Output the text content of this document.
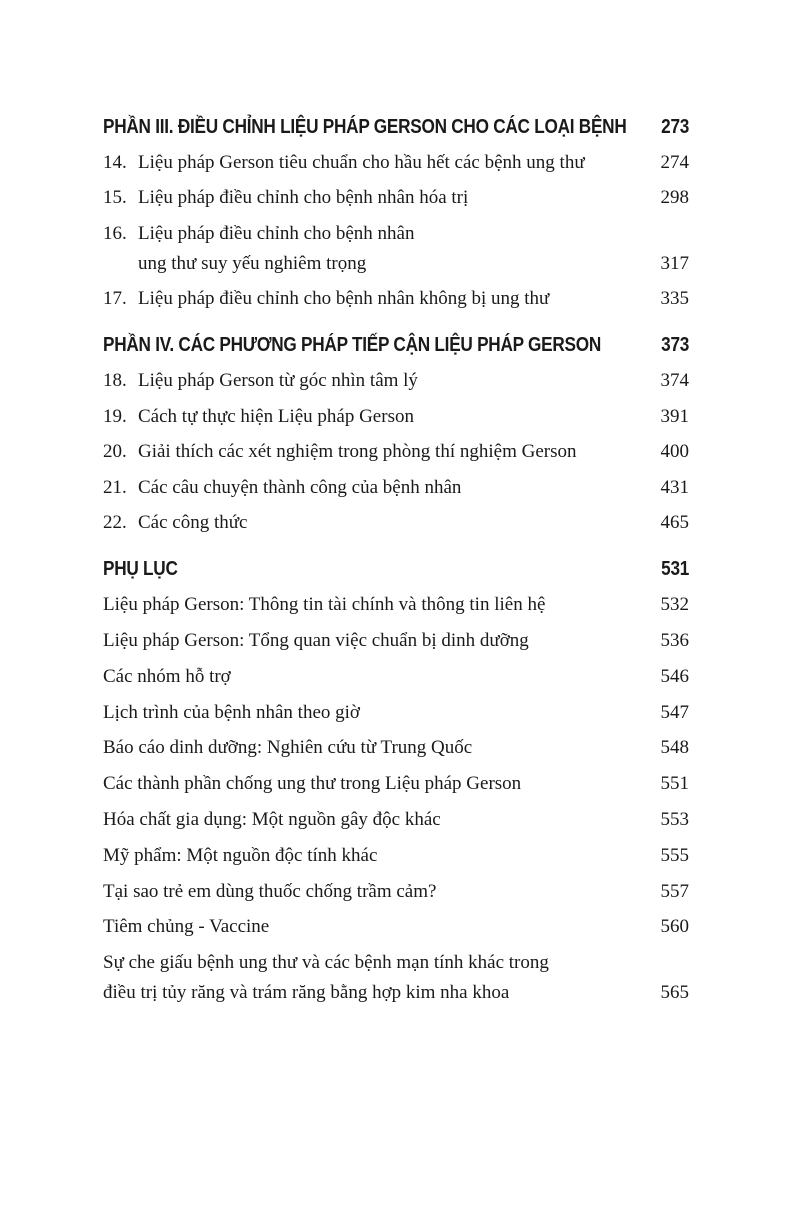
PHẦN III. ĐIỀU CHỈNH LIỆU PHÁP GERSON CHO CÁC LOẠI BỆNH 273
14. Liệu pháp Gerson tiêu chuẩn cho hầu hết các bệnh ung thư	274
15. Liệu pháp điều chỉnh cho bệnh nhân hóa trị	298
16. Liệu pháp điều chỉnh cho bệnh nhân
ung thư suy yếu nghiêm trọng	317
17. Liệu pháp điều chỉnh cho bệnh nhân không bị ung thư	335
PHẦN IV. CÁC PHƯƠNG PHÁP TIẾP CẬN LIỆU PHÁP GERSON	373
18. Liệu pháp Gerson từ góc nhìn tâm lý	374
19. Cách tự thực hiện Liệu pháp Gerson	391
20. Giải thích các xét nghiệm trong phòng thí nghiệm Gerson	400
21. Các câu chuyện thành công của bệnh nhân	431
22. Các công thức	465
PHỤ LỤC	531
Liệu pháp Gerson: Thông tin tài chính và thông tin liên hệ	532
Liệu pháp Gerson: Tổng quan việc chuẩn bị dinh dưỡng	536
Các nhóm hỗ trợ	546
Lịch trình của bệnh nhân theo giờ	547
Báo cáo dinh dưỡng: Nghiên cứu từ Trung Quốc	548
Các thành phần chống ung thư trong Liệu pháp Gerson	551
Hóa chất gia dụng: Một nguồn gây độc khác	553
Mỹ phẩm: Một nguồn độc tính khác	555
Tại sao trẻ em dùng thuốc chống trầm cảm?	557
Tiêm chủng - Vaccine	560
Sự che giấu bệnh ung thư và các bệnh mạn tính khác trong
điều trị tủy răng và trám răng bằng hợp kim nha khoa	565
